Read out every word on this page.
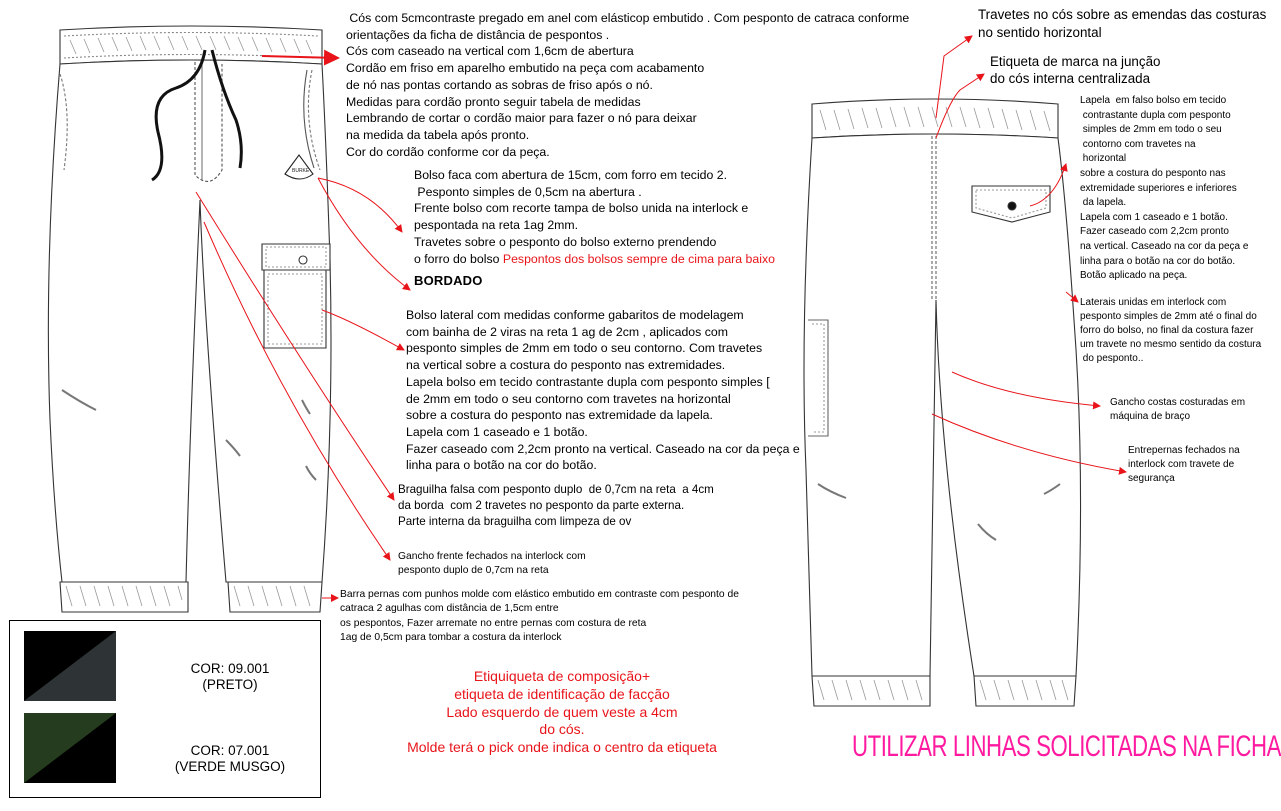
BURKE
Cós com 5cmcontraste pregado em anel com elásticop embutido . Com pesponto de catraca conforme
orientações da ficha de distância de pespontos .
Cós com caseado na vertical com 1,6cm de abertura
Cordão em friso em aparelho embutido na peça com acabamento
de nó nas pontas cortando as sobras de friso após o nó.
Medidas para cordão pronto seguir tabela de medidas
Lembrando de cortar o cordão maior para fazer o nó para deixar
na medida da tabela após pronto.
Cor do cordão conforme cor da peça.
Bolso faca com abertura de 15cm, com forro em tecido 2.
Pesponto simples de 0,5cm na abertura .
Frente bolso com recorte tampa de bolso unida na interlock e
pespontada na reta 1ag 2mm.
Travetes sobre o pesponto do bolso externo prendendo
o forro do bolso Pespontos dos bolsos sempre de cima para baixo
BORDADO
Bolso lateral com medidas conforme gabaritos de modelagem
com bainha de 2 viras na reta 1 ag de 2cm , aplicados com
pesponto simples de 2mm em todo o seu contorno. Com travetes
na vertical sobre a costura do pesponto nas extremidades.
Lapela bolso em tecido contrastante dupla com pesponto simples [
de 2mm em todo o seu contorno com travetes na horizontal
sobre a costura do pesponto nas extremidade da lapela.
Lapela com 1 caseado e 1 botão.
Fazer caseado com 2,2cm pronto na vertical. Caseado na cor da peça e
linha para o botão na cor do botão.
Braguilha falsa com pesponto duplo  de 0,7cm na reta  a 4cm
da borda  com 2 travetes no pesponto da parte externa.
Parte interna da braguilha com limpeza de ov
Gancho frente fechados na interlock com
pesponto duplo de 0,7cm na reta
Barra pernas com punhos molde com elástico embutido em contraste com pesponto de
catraca 2 agulhas com distância de 1,5cm entre
os pespontos, Fazer arremate no entre pernas com costura de reta
1ag de 0,5cm para tombar a costura da interlock
Travetes no cós sobre as emendas das costuras
no sentido horizontal
Etiqueta de marca na junção
do cós interna centralizada
Lapela  em falso bolso em tecido
contrastante dupla com pesponto
simples de 2mm em todo o seu
contorno com travetes na
horizontal
sobre a costura do pesponto nas
extremidade superiores e inferiores
da lapela.
Lapela com 1 caseado e 1 botão.
Fazer caseado com 2,2cm pronto
na vertical. Caseado na cor da peça e
linha para o botão na cor do botão.
Botão aplicado na peça.
Laterais unidas em interlock com
pesponto simples de 2mm até o final do
forro do bolso, no final da costura fazer
um travete no mesmo sentido da costura
do pesponto..
Gancho costas costuradas em
máquina de braço
Entrepernas fechados na
interlock com travete de
segurança
Etiquiqueta de composição+
etiqueta de identificação de facção
Lado esquerdo de quem veste a 4cm
do cós.
Molde terá o pick onde indica o centro da etiqueta	UTILIZAR LINHAS SOLICITADAS NA FICHA
COR: 09.001
(PRETO)
COR: 07.001
(VERDE MUSGO)
